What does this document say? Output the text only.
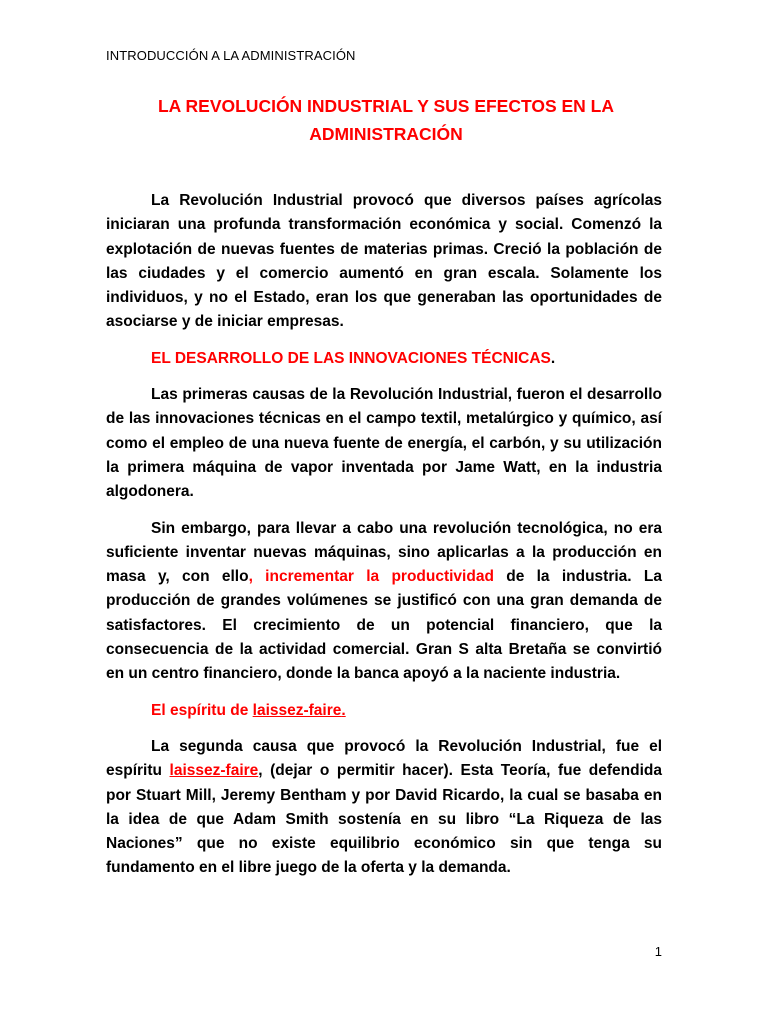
INTRODUCCIÓN A LA ADMINISTRACIÓN
LA REVOLUCIÓN INDUSTRIAL Y SUS EFECTOS EN LA
ADMINISTRACIÓN

La Revolución Industrial provocó que diversos países agrícolas iniciaran una profunda transformación económica y social. Comenzó la explotación de nuevas fuentes de materias primas. Creció la población de las ciudades y el comercio aumentó en gran escala. Solamente los individuos, y no el Estado, eran los que generaban las oportunidades de asociarse y de iniciar empresas.

EL DESARROLLO DE LAS INNOVACIONES TÉCNICAS.

Las primeras causas de la Revolución Industrial, fueron el desarrollo de las innovaciones técnicas en el campo textil, metalúrgico y químico, así como el empleo de una nueva fuente de energía, el carbón, y su utilización la primera máquina de vapor inventada por Jame Watt, en la industria algodonera.

Sin embargo, para llevar a cabo una revolución tecnológica, no era suficiente inventar nuevas máquinas, sino aplicarlas a la producción en masa y, con ello, incrementar la productividad de la industria. La producción de grandes volúmenes se justificó con una gran demanda de satisfactores. El crecimiento de un potencial financiero, que la consecuencia de la actividad comercial. Gran S alta Bretaña se convirtió en un centro financiero, donde la banca apoyó a la naciente industria.

El espíritu de laissez-faire.

La segunda causa que provocó la Revolución Industrial, fue el espíritu laissez-faire, (dejar o permitir hacer). Esta Teoría, fue defendida por Stuart Mill, Jeremy Bentham y por David Ricardo, la cual se basaba en la idea de que Adam Smith sostenía en su libro “La Riqueza de las Naciones” que no existe equilibrio económico sin que tenga su fundamento en el libre juego de la oferta y la demanda.

1
